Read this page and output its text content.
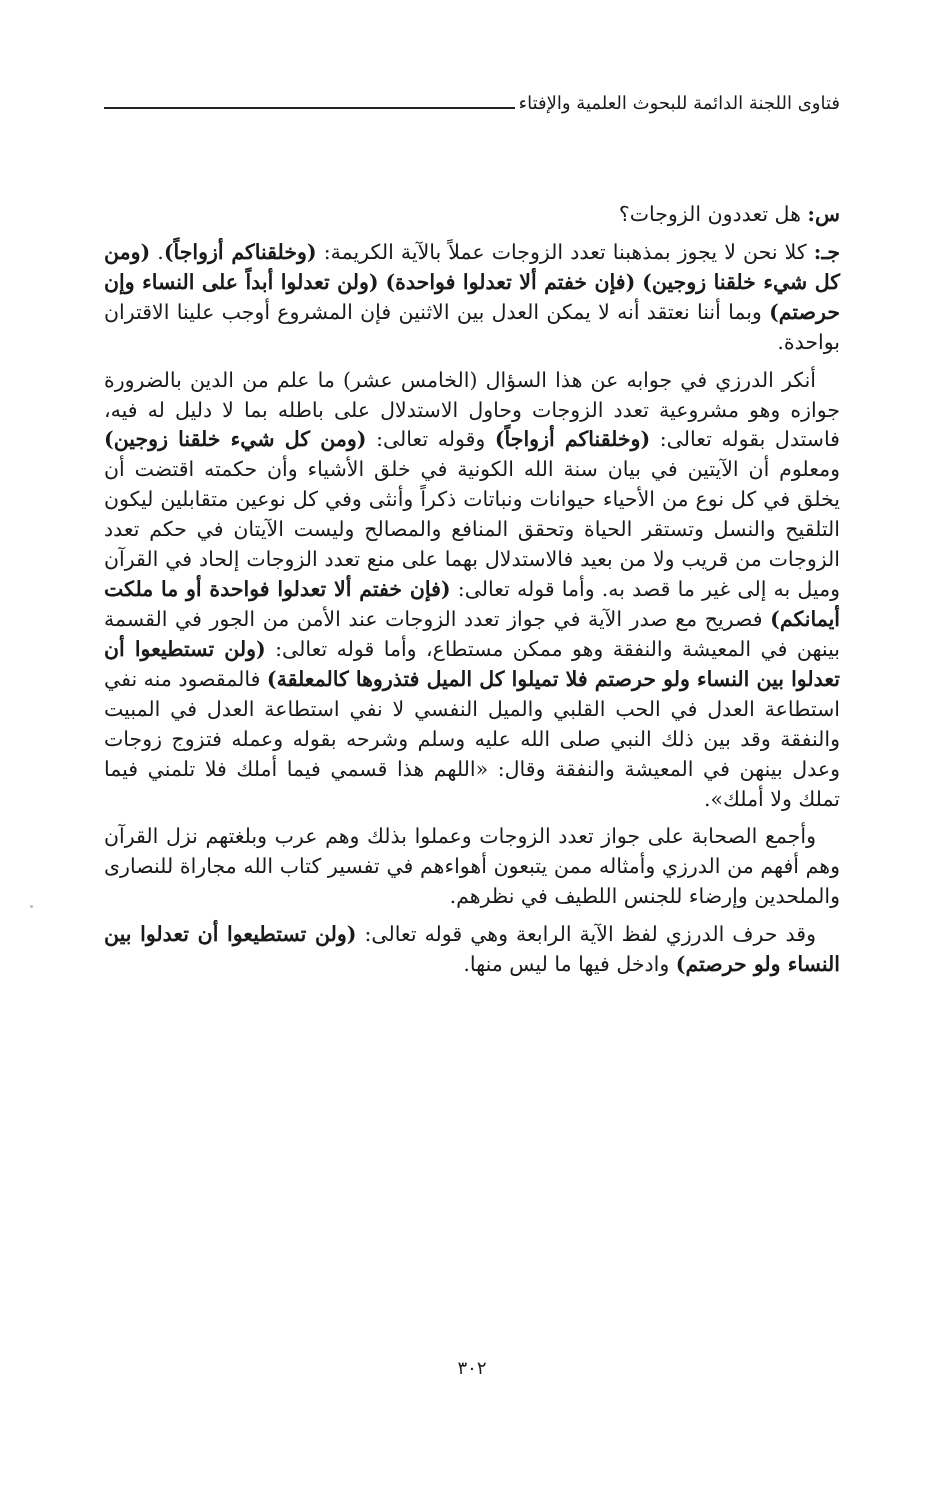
فتاوى اللجنة الدائمة للبحوث العلمية والإفتاء

س: هل تعددون الزوجات؟

جـ: كلا نحن لا يجوز بمذهبنا تعدد الزوجات عملاً بالآية الكريمة: (وخلقناكم أزواجاً). (ومن كل شيء خلقنا زوجين) (فإن خفتم ألا تعدلوا فواحدة) (ولن تعدلوا أبداً على النساء وإن حرصتم) وبما أننا نعتقد أنه لا يمكن العدل بين الاثنين فإن المشروع أوجب علينا الاقتران بواحدة.

أنكر الدرزي في جوابه عن هذا السؤال (الخامس عشر) ما علم من الدين بالضرورة جوازه وهو مشروعية تعدد الزوجات وحاول الاستدلال على باطله بما لا دليل له فيه، فاستدل بقوله تعالى: (وخلقناكم أزواجاً) وقوله تعالى: (ومن كل شيء خلقنا زوجين) ومعلوم أن الآيتين في بيان سنة الله الكونية في خلق الأشياء وأن حكمته اقتضت أن يخلق في كل نوع من الأحياء حيوانات ونباتات ذكراً وأنثى وفي كل نوعين متقابلين ليكون التلقيح والنسل وتستقر الحياة وتحقق المنافع والمصالح وليست الآيتان في حكم تعدد الزوجات من قريب ولا من بعيد فالاستدلال بهما على منع تعدد الزوجات إلحاد في القرآن وميل به إلى غير ما قصد به. وأما قوله تعالى: (فإن خفتم ألا تعدلوا فواحدة أو ما ملكت أيمانكم) فصريح مع صدر الآية في جواز تعدد الزوجات عند الأمن من الجور في القسمة بينهن في المعيشة والنفقة وهو ممكن مستطاع، وأما قوله تعالى: (ولن تستطيعوا أن تعدلوا بين النساء ولو حرصتم فلا تميلوا كل الميل فتذروها كالمعلقة) فالمقصود منه نفي استطاعة العدل في الحب القلبي والميل النفسي لا نفي استطاعة العدل في المبيت والنفقة وقد بين ذلك النبي صلى الله عليه وسلم وشرحه بقوله وعمله فتزوج زوجات وعدل بينهن في المعيشة والنفقة وقال: «اللهم هذا قسمي فيما أملك فلا تلمني فيما تملك ولا أملك».

وأجمع الصحابة على جواز تعدد الزوجات وعملوا بذلك وهم عرب وبلغتهم نزل القرآن وهم أفهم من الدرزي وأمثاله ممن يتبعون أهواءهم في تفسير كتاب الله مجاراة للنصارى والملحدين وإرضاء للجنس اللطيف في نظرهم.

وقد حرف الدرزي لفظ الآية الرابعة وهي قوله تعالى: (ولن تستطيعوا أن تعدلوا بين النساء ولو حرصتم) وادخل فيها ما ليس منها.

٣٠٢
